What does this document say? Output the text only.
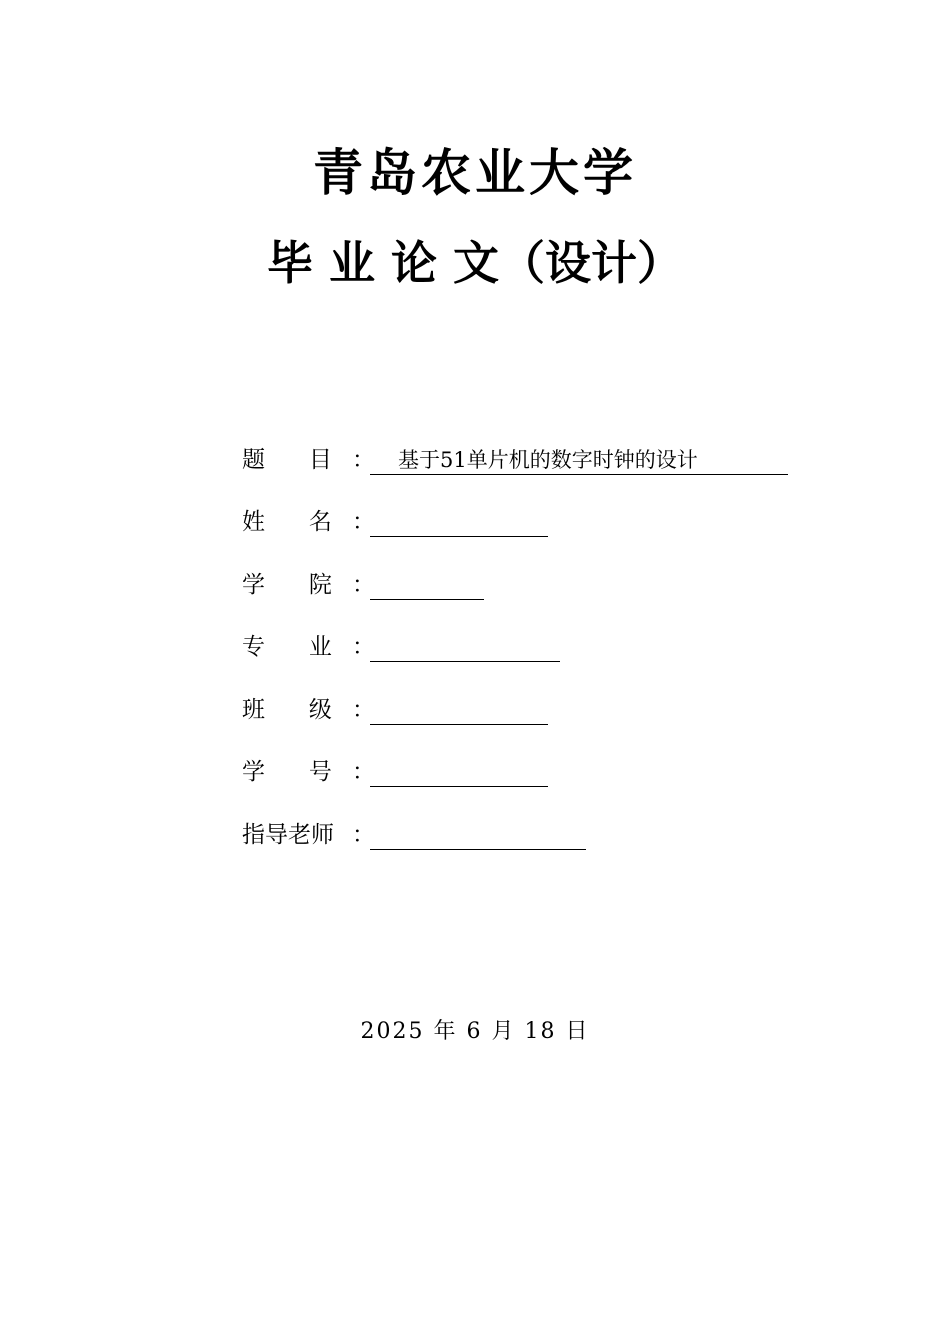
青岛农业大学
毕 业 论 文（设计）
题      目 ：	基于51单片机的数字时钟的设计
姓      名 ：
学      院 ：
专      业 ：
班      级 ：
学      号 ：
指导老师 ：
2025 年 6 月 18 日
